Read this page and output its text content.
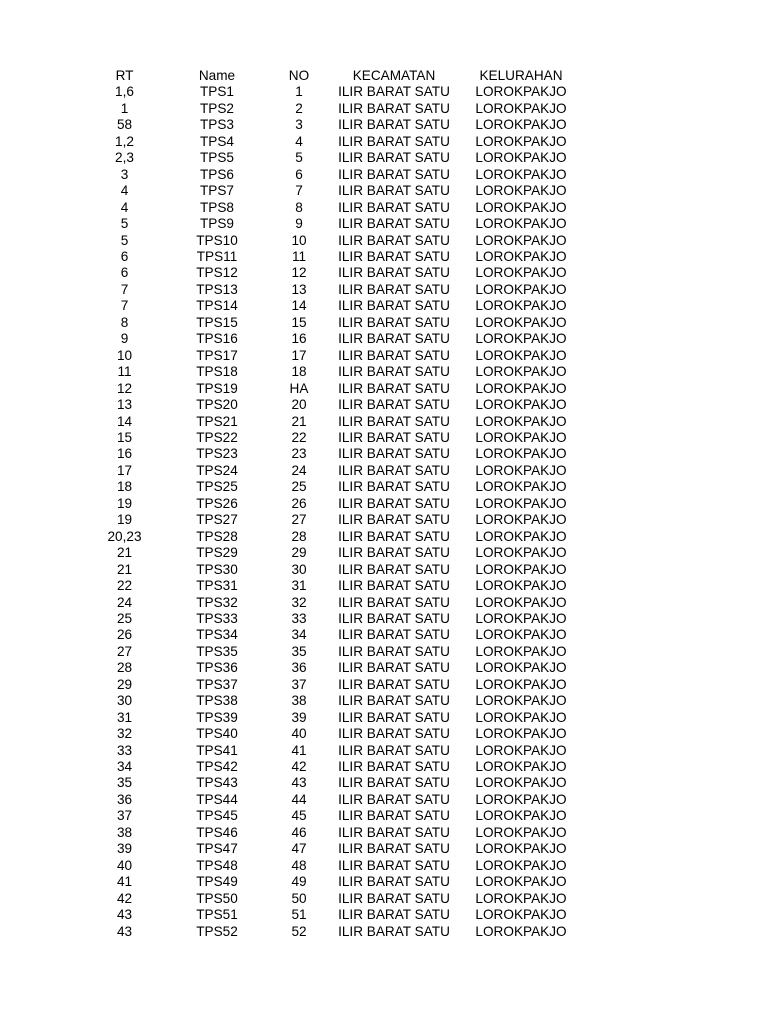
RT	Name	NO	KECAMATAN	KELURAHAN
1,6	TPS1	1	ILIR BARAT SATU	LOROKPAKJO
1	TPS2	2	ILIR BARAT SATU	LOROKPAKJO
58	TPS3	3	ILIR BARAT SATU	LOROKPAKJO
1,2	TPS4	4	ILIR BARAT SATU	LOROKPAKJO
2,3	TPS5	5	ILIR BARAT SATU	LOROKPAKJO
3	TPS6	6	ILIR BARAT SATU	LOROKPAKJO
4	TPS7	7	ILIR BARAT SATU	LOROKPAKJO
4	TPS8	8	ILIR BARAT SATU	LOROKPAKJO
5	TPS9	9	ILIR BARAT SATU	LOROKPAKJO
5	TPS10	10	ILIR BARAT SATU	LOROKPAKJO
6	TPS11	11	ILIR BARAT SATU	LOROKPAKJO
6	TPS12	12	ILIR BARAT SATU	LOROKPAKJO
7	TPS13	13	ILIR BARAT SATU	LOROKPAKJO
7	TPS14	14	ILIR BARAT SATU	LOROKPAKJO
8	TPS15	15	ILIR BARAT SATU	LOROKPAKJO
9	TPS16	16	ILIR BARAT SATU	LOROKPAKJO
10	TPS17	17	ILIR BARAT SATU	LOROKPAKJO
11	TPS18	18	ILIR BARAT SATU	LOROKPAKJO
12	TPS19	HA	ILIR BARAT SATU	LOROKPAKJO
13	TPS20	20	ILIR BARAT SATU	LOROKPAKJO
14	TPS21	21	ILIR BARAT SATU	LOROKPAKJO
15	TPS22	22	ILIR BARAT SATU	LOROKPAKJO
16	TPS23	23	ILIR BARAT SATU	LOROKPAKJO
17	TPS24	24	ILIR BARAT SATU	LOROKPAKJO
18	TPS25	25	ILIR BARAT SATU	LOROKPAKJO
19	TPS26	26	ILIR BARAT SATU	LOROKPAKJO
19	TPS27	27	ILIR BARAT SATU	LOROKPAKJO
20,23	TPS28	28	ILIR BARAT SATU	LOROKPAKJO
21	TPS29	29	ILIR BARAT SATU	LOROKPAKJO
21	TPS30	30	ILIR BARAT SATU	LOROKPAKJO
22	TPS31	31	ILIR BARAT SATU	LOROKPAKJO
24	TPS32	32	ILIR BARAT SATU	LOROKPAKJO
25	TPS33	33	ILIR BARAT SATU	LOROKPAKJO
26	TPS34	34	ILIR BARAT SATU	LOROKPAKJO
27	TPS35	35	ILIR BARAT SATU	LOROKPAKJO
28	TPS36	36	ILIR BARAT SATU	LOROKPAKJO
29	TPS37	37	ILIR BARAT SATU	LOROKPAKJO
30	TPS38	38	ILIR BARAT SATU	LOROKPAKJO
31	TPS39	39	ILIR BARAT SATU	LOROKPAKJO
32	TPS40	40	ILIR BARAT SATU	LOROKPAKJO
33	TPS41	41	ILIR BARAT SATU	LOROKPAKJO
34	TPS42	42	ILIR BARAT SATU	LOROKPAKJO
35	TPS43	43	ILIR BARAT SATU	LOROKPAKJO
36	TPS44	44	ILIR BARAT SATU	LOROKPAKJO
37	TPS45	45	ILIR BARAT SATU	LOROKPAKJO
38	TPS46	46	ILIR BARAT SATU	LOROKPAKJO
39	TPS47	47	ILIR BARAT SATU	LOROKPAKJO
40	TPS48	48	ILIR BARAT SATU	LOROKPAKJO
41	TPS49	49	ILIR BARAT SATU	LOROKPAKJO
42	TPS50	50	ILIR BARAT SATU	LOROKPAKJO
43	TPS51	51	ILIR BARAT SATU	LOROKPAKJO
43	TPS52	52	ILIR BARAT SATU	LOROKPAKJO
